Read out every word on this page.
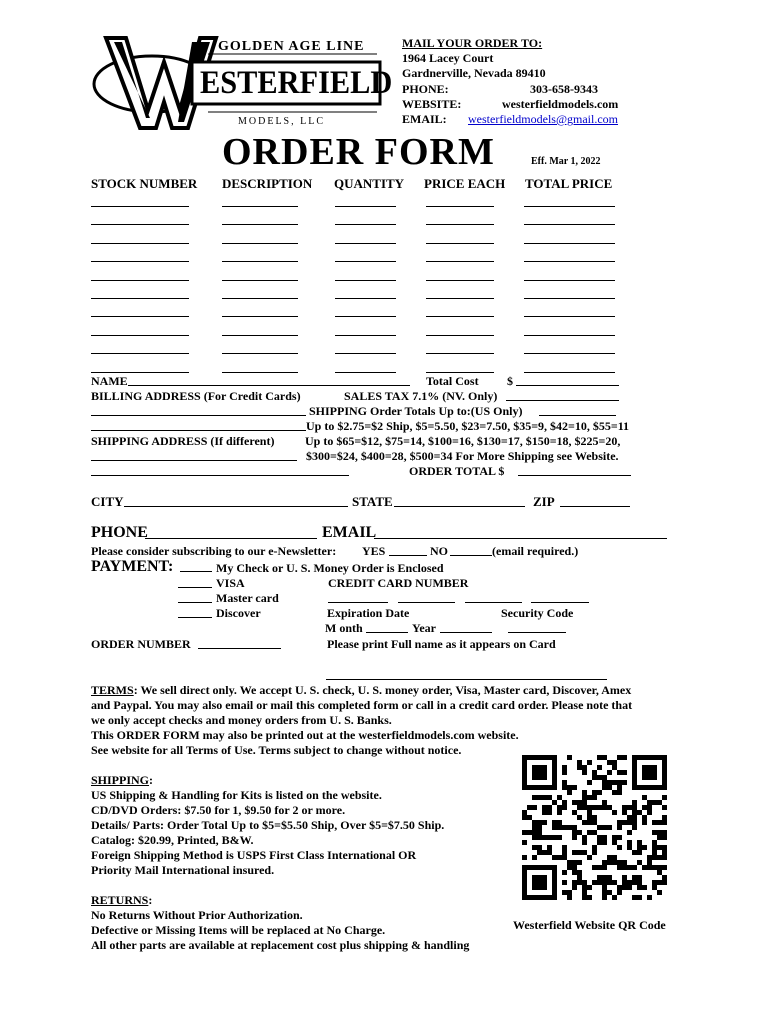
GOLDEN AGE LINE
ESTERFIELD
MODELS, LLC
MAIL YOUR ORDER TO:
1964 Lacey Court
Gardnerville, Nevada 89410
PHONE:	303-658-9343
WEBSITE:	westerfieldmodels.com
EMAIL: westerfieldmodels@gmail.com
ORDER FORM	Eff. Mar 1, 2022
STOCK NUMBER DESCRIPTION QUANTITY PRICE EACH TOTAL PRICE
NAME	Total Cost $
BILLING ADDRESS (For Credit Cards)	SALES TAX 7.1% (NV. Only)
SHIPPING Order Totals Up to:(US Only)
Up to $2.75=$2 Ship, $5=5.50, $23=7.50, $35=9, $42=10, $55=11
SHIPPING ADDRESS (If different)	Up to $65=$12, $75=14, $100=16, $130=17, $150=18, $225=20,
$300=$24, $400=28, $500=34 For More Shipping see Website.
ORDER TOTAL $
CITY	STATE	ZIP
PHONE	EMAIL
Please consider subscribing to our e-Newsletter: YES	NO	(email required.)
PAYMENT:	My Check or U. S. Money Order is Enclosed
VISA	CREDIT CARD NUMBER
Master card
Discover	Expiration Date	Security Code
M onth	Year
ORDER NUMBER	Please print Full name as it appears on Card
TERMS: We sell direct only. We accept U. S. check, U. S. money order, Visa, Master card, Discover, Amex
and Paypal. You may also email or mail this completed form or call in a credit card order. Please note that
we only accept checks and money orders from U. S. Banks.
This ORDER FORM may also be printed out at the westerfieldmodels.com website.
See website for all Terms of Use. Terms subject to change without notice.
SHIPPING:
US Shipping & Handling for Kits is listed on the website.
CD/DVD Orders: $7.50 for 1, $9.50 for 2 or more.
Details/ Parts: Order Total Up to $5=$5.50 Ship, Over $5=$7.50 Ship.
Catalog: $20.99, Printed, B&W.
Foreign Shipping Method is USPS First Class International OR
Priority Mail International insured.
RETURNS:
No Returns Without Prior Authorization.
Defective or Missing Items will be replaced at No Charge.
All other parts are available at replacement cost plus shipping & handling
Westerfield Website QR Code
